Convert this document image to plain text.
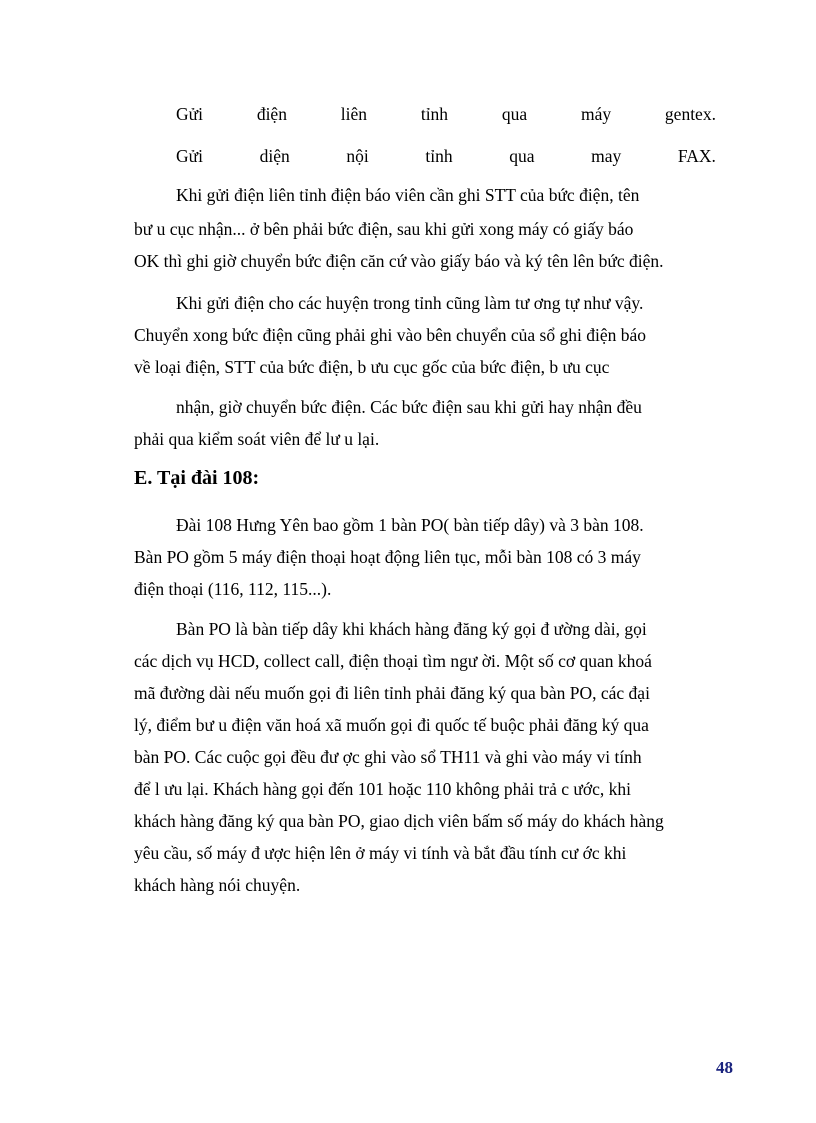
Gửi	điện	liên	tỉnh	qua	máy	gentex.
Gửi	diện	nội	tỉnh	qua	may	FAX.
Khi gửi điện liên tỉnh điện báo viên cần ghi STT của bức điện, tên
bư u cục nhận... ở bên phải bức điện, sau khi gửi xong máy có giấy báo
OK thì ghi giờ chuyển bức điện căn cứ vào giấy báo và ký tên lên bức điện.
Khi gửi điện cho các huyện trong tỉnh cũng làm tư ơng tự như vậy.
Chuyển xong bức điện cũng phải ghi vào bên chuyển của sổ ghi điện báo
về loại điện, STT của bức điện, b ưu cục gốc của bức điện, b ưu cục
nhận, giờ chuyển bức điện. Các bức điện sau khi gửi hay nhận đều
phải qua kiểm soát viên để lư u lại.
E. Tại đài 108:
Đài 108 Hưng Yên bao gồm 1 bàn PO( bàn tiếp dây) và 3 bàn 108.
Bàn PO gồm 5 máy điện thoại hoạt động liên tục, mỗi bàn 108 có 3 máy
điện thoại (116, 112, 115...).
Bàn PO là bàn tiếp dây khi khách hàng đăng ký gọi đ ường dài, gọi
các dịch vụ HCD, collect call, điện thoại tìm ngư ời. Một số cơ quan khoá
mã đường dài nếu muốn gọi đi liên tỉnh phải đăng ký qua bàn PO, các đại
lý, điểm bư u điện văn hoá xã muốn gọi đi quốc tế buộc phải đăng ký qua
bàn PO. Các cuộc gọi đều đư ợc ghi vào sổ TH11 và ghi vào máy vi tính
để l ưu lại. Khách hàng gọi đến 101 hoặc 110 không phải trả c ước, khi
khách hàng đăng ký qua bàn PO, giao dịch viên bấm số máy do khách hàng
yêu cầu, số máy đ ược hiện lên ở máy vi tính và bắt đầu tính cư ớc khi
khách hàng nói chuyện.
48
